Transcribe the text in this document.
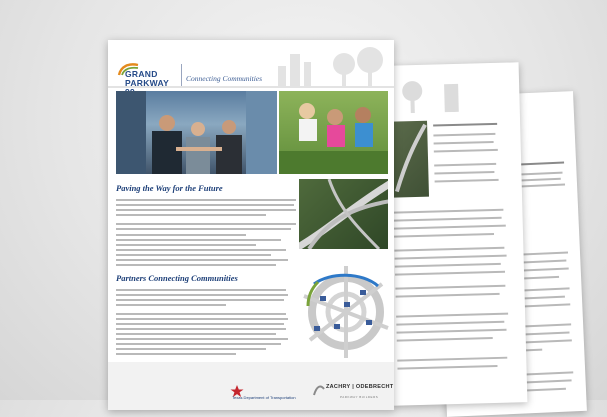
GRAND
PARKWAY	Connecting Communities
Paving the Way for the Future
Partners Connecting Communities
Texas Department of Transportation
ZACHRY | ODEBRECHT
PARKWAY BUILDERS
